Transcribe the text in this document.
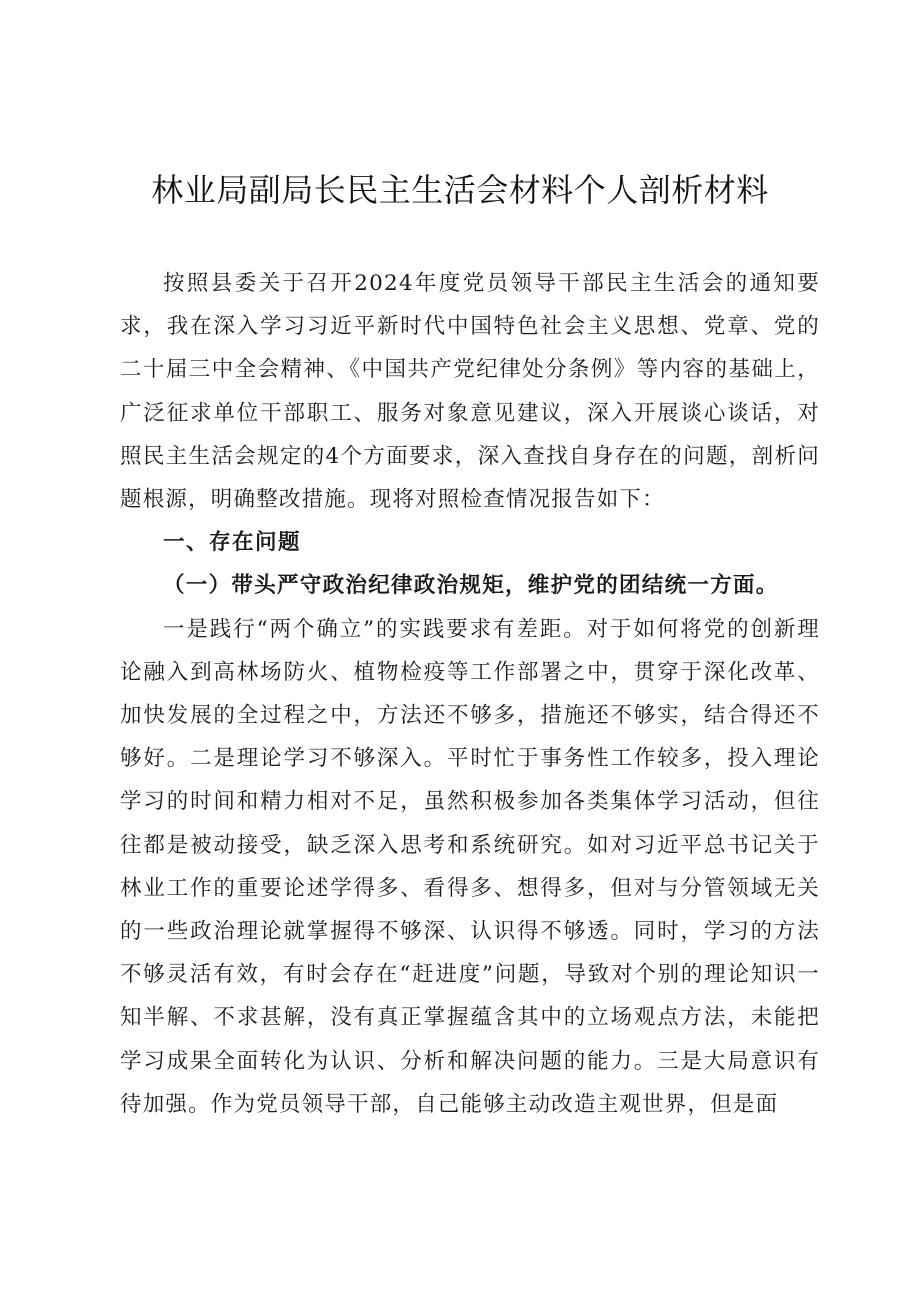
林业局副局长民主生活会材料个人剖析材料

按照县委关于召开2024年度党员领导干部民主生活会的通知要求，我在深入学习习近平新时代中国特色社会主义思想、党章、党的二十届三中全会精神、《中国共产党纪律处分条例》等内容的基础上，广泛征求单位干部职工、服务对象意见建议，深入开展谈心谈话，对照民主生活会规定的4个方面要求，深入查找自身存在的问题，剖析问题根源，明确整改措施。现将对照检查情况报告如下：

一、存在问题

（一）带头严守政治纪律政治规矩，维护党的团结统一方面。

一是践行“两个确立”的实践要求有差距。对于如何将党的创新理论融入到高林场防火、植物检疫等工作部署之中，贯穿于深化改革、加快发展的全过程之中，方法还不够多，措施还不够实，结合得还不够好。二是理论学习不够深入。平时忙于事务性工作较多，投入理论学习的时间和精力相对不足，虽然积极参加各类集体学习活动，但往往都是被动接受，缺乏深入思考和系统研究。如对习近平总书记关于林业工作的重要论述学得多、看得多、想得多，但对与分管领域无关的一些政治理论就掌握得不够深、认识得不够透。同时，学习的方法不够灵活有效，有时会存在“赶进度”问题，导致对个别的理论知识一知半解、不求甚解，没有真正掌握蕴含其中的立场观点方法，未能把学习成果全面转化为认识、分析和解决问题的能力。三是大局意识有待加强。作为党员领导干部，自己能够主动改造主观世界，但是面
